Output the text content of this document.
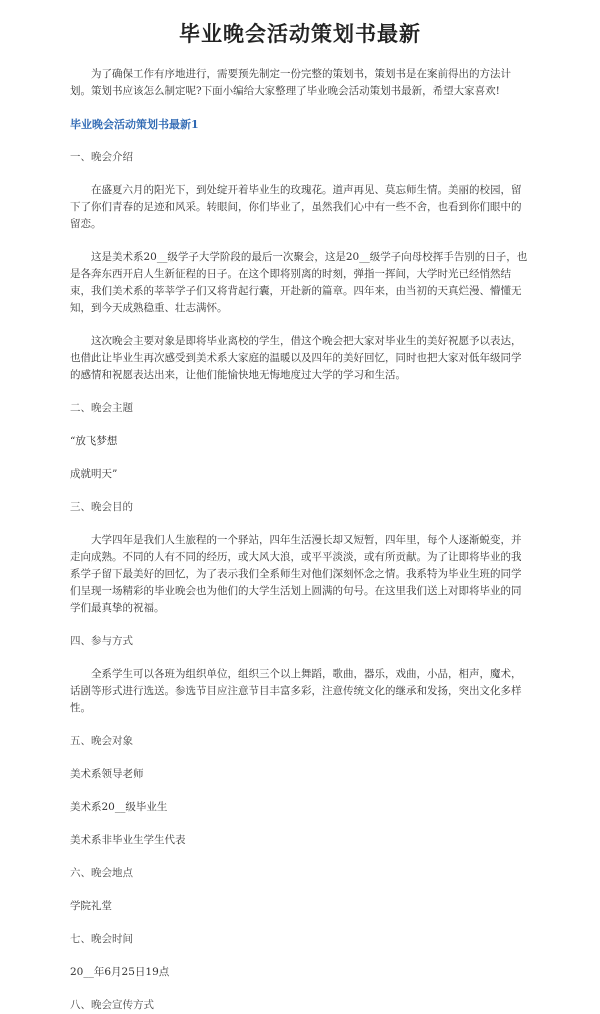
毕业晚会活动策划书最新

为了确保工作有序地进行，需要预先制定一份完整的策划书，策划书是在案前得出的方法计划。策划书应该怎么制定呢?下面小编给大家整理了毕业晚会活动策划书最新，希望大家喜欢!

毕业晚会活动策划书最新1

一、晚会介绍

在盛夏六月的阳光下，到处绽开着毕业生的玫瑰花。道声再见、莫忘师生情。美丽的校园，留下了你们青春的足迹和风采。转眼间，你们毕业了，虽然我们心中有一些不舍，也看到你们眼中的留恋。

这是美术系20__级学子大学阶段的最后一次聚会，这是20__级学子向母校挥手告别的日子，也是各奔东西开启人生新征程的日子。在这个即将别离的时刻，弹指一挥间，大学时光已经悄然结束，我们美术系的莘莘学子们又将背起行囊，开赴新的篇章。四年来，由当初的天真烂漫、懵懂无知，到今天成熟稳重、壮志满怀。

这次晚会主要对象是即将毕业离校的学生，借这个晚会把大家对毕业生的美好祝愿予以表达，也借此让毕业生再次感受到美术系大家庭的温暖以及四年的美好回忆，同时也把大家对低年级同学的感情和祝愿表达出来，让他们能愉快地无悔地度过大学的学习和生活。

二、晚会主题

“放飞梦想

成就明天”

三、晚会目的

大学四年是我们人生旅程的一个驿站，四年生活漫长却又短暂，四年里，每个人逐渐蜕变，并走向成熟。不同的人有不同的经历，或大风大浪，或平平淡淡，或有所贡献。为了让即将毕业的我系学子留下最美好的回忆，为了表示我们全系师生对他们深刻怀念之情。我系特为毕业生班的同学们呈现一场精彩的毕业晚会也为他们的大学生活划上圆满的句号。在这里我们送上对即将毕业的同学们最真挚的祝福。

四、参与方式

全系学生可以各班为组织单位，组织三个以上舞蹈，歌曲，器乐，戏曲，小品，相声，魔术，话剧等形式进行选送。参选节目应注意节目丰富多彩，注意传统文化的继承和发扬，突出文化多样性。

五、晚会对象

美术系领导老师

美术系20__级毕业生

美术系非毕业生学生代表

六、晚会地点

学院礼堂

七、晚会时间

20__年6月25日19点

八、晚会宣传方式
